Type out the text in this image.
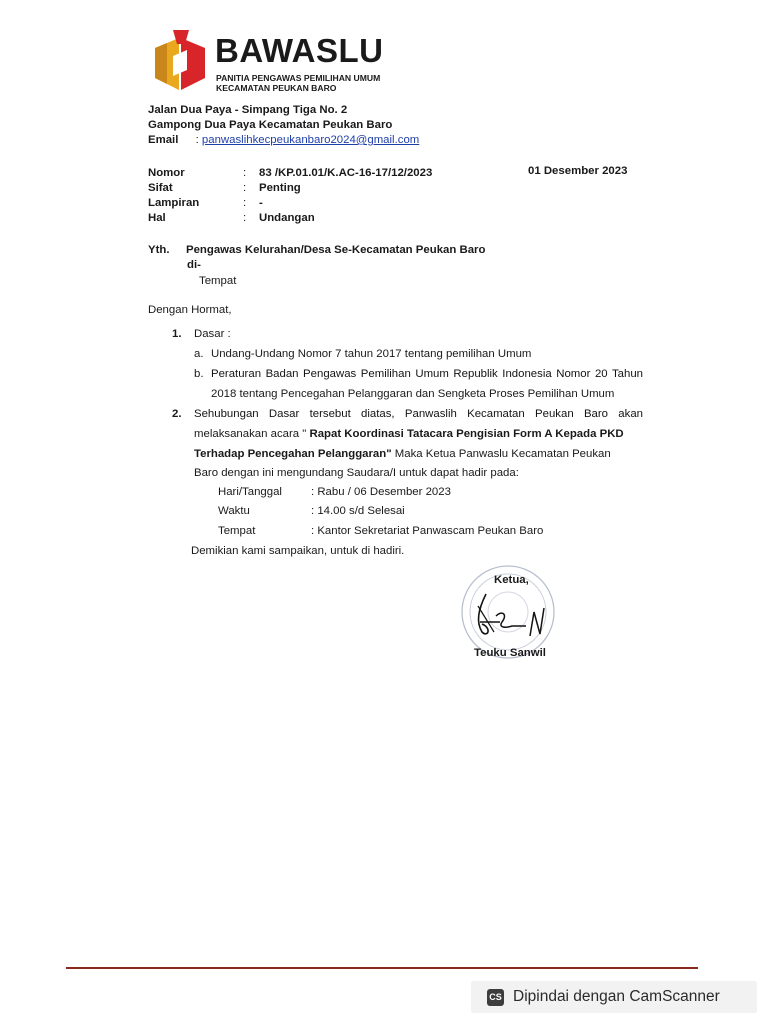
BAWASLU
PANITIA PENGAWAS PEMILIHAN UMUM
KECAMATAN PEUKAN BARO
Jalan Dua Paya - Simpang Tiga No. 2
Gampong Dua Paya Kecamatan Peukan Baro
Email : panwaslihkecpeukanbaro2024@gmail.com
01 Desember 2023
Nomor	: 83 /KP.01.01/K.AC-16-17/12/2023
Sifat	: Penting
Lampiran	: -
Hal	: Undangan
Yth. Pengawas Kelurahan/Desa Se-Kecamatan Peukan Baro
di-
Tempat
Dengan Hormat,
1. Dasar :
a. Undang-Undang Nomor 7 tahun 2017 tentang pemilihan Umum
b. Peraturan Badan Pengawas Pemilihan Umum Republik Indonesia Nomor 20 Tahun
2018 tentang Pencegahan Pelanggaran dan Sengketa Proses Pemilihan Umum
2. Sehubungan Dasar tersebut diatas, Panwaslih Kecamatan Peukan Baro akan
melaksanakan acara " Rapat Koordinasi Tatacara Pengisian Form A Kepada PKD
Terhadap Pencegahan Pelanggaran" Maka Ketua Panwaslu Kecamatan Peukan
Baro dengan ini mengundang Saudara/I untuk dapat hadir pada:
Hari/Tanggal	: Rabu / 06 Desember 2023
Waktu	: 14.00 s/d Selesai
Tempat	: Kantor Sekretariat Panwascam Peukan Baro
Demikian kami sampaikan, untuk di hadiri.
Ketua,
Teuku Sanwil
CS Dipindai dengan CamScanner
